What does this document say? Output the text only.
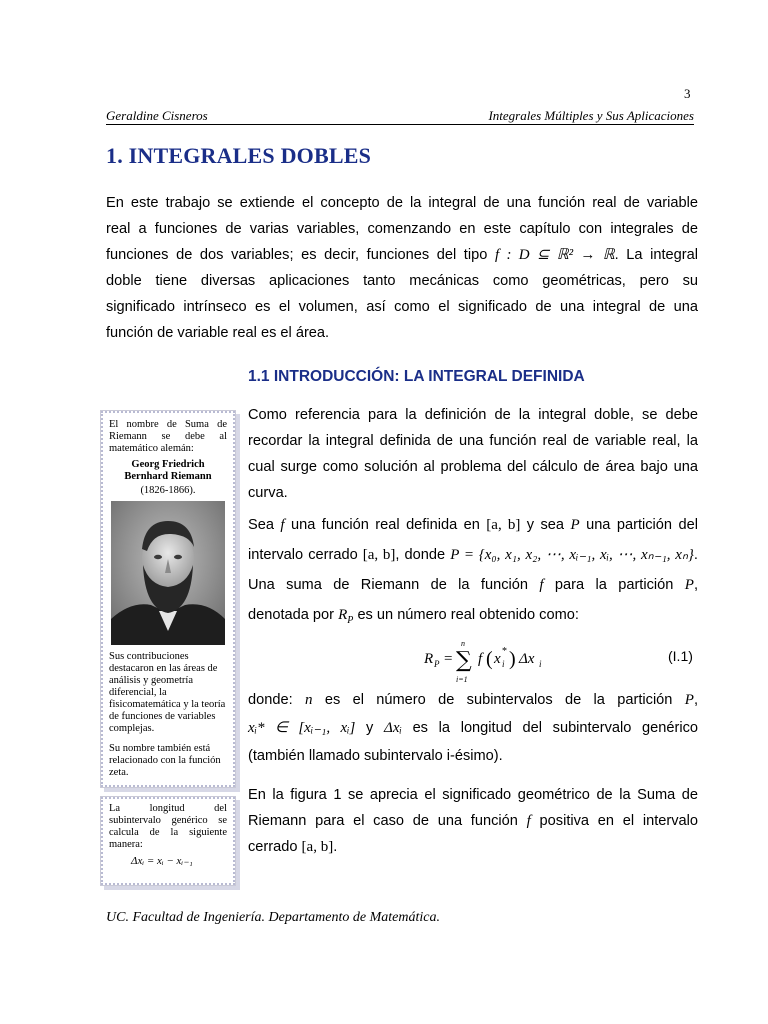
3
Geraldine Cisneros	Integrales Múltiples y Sus Aplicaciones
1. INTEGRALES DOBLES
En este trabajo se extiende el concepto de la integral de una función real de variable
real a funciones de varias variables, comenzando en este capítulo con integrales de
funciones de dos variables; es decir, funciones del tipo f : D ⊆ ℝ² → ℝ. La integral
doble tiene diversas aplicaciones tanto mecánicas como geométricas, pero su
significado intrínseco es el volumen, así como el significado de una integral de una
función de variable real es el área.
1.1 INTRODUCCIÓN: LA INTEGRAL DEFINIDA
Como referencia para la definición de la integral doble, se debe
recordar la integral definida de una función real de variable real, la
cual surge como solución al problema del cálculo de área bajo una
curva.
Sea f una función real definida en [a, b] y sea P una partición del
intervalo cerrado [a, b], donde P = {x₀, x₁, x₂, ⋯, xᵢ₋₁, xᵢ, ⋯, xₙ₋₁, xₙ}.
Una suma de Riemann de la función f para la partición P,
denotada por $R_P$ es un número real obtenido como:
R P =
n
∑
i=1
f ( x i
* ) Δx i	(I.1)
donde: n es el número de subintervalos de la partición P,
xᵢ* ∈ [xᵢ₋₁, xᵢ] y Δxᵢ es la longitud del subintervalo genérico
(también llamado subintervalo i-ésimo).
En la figura 1 se aprecia el significado geométrico de la Suma de
Riemann para el caso de una función f positiva en el intervalo
cerrado [a, b].
El nombre de Suma de Riemann se debe al matemático alemán:
Georg Friedrich
Bernhard Riemann
(1826-1866).
Sus contribuciones destacaron en las áreas de análisis y geometría diferencial, la fisicomatemática y la teoría de funciones de variables complejas.
Su nombre también está relacionado con la función zeta.
La longitud del subintervalo genérico se calcula de la siguiente manera:
Δxᵢ = xᵢ − xᵢ₋₁
UC. Facultad de Ingeniería. Departamento de Matemática.
